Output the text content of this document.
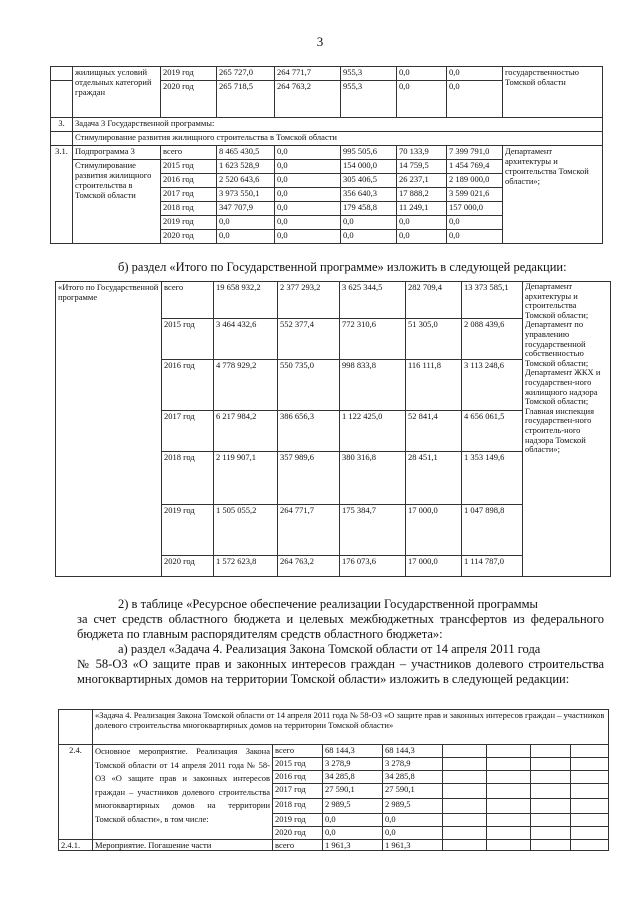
3
	жилищных условий отдельных категорий граждан	2019 год	265 727,0	264 771,7	955,3	0,0	0,0	государственностью Томской областн
		2020 год	265 718,5	264 763,2	955,3	0,0	0,0	
3.	Задача 3 Государственной программы:							
	Стимулирование развития жилищного строительства в Томской области							
3.1.	Подпрограмма 3	всего	8 465 430,5	0,0	995 505,6	70 133,9	7 399 791,0	Департамент архитектуры и строительства Томской области»;
	Стимулирование развития жилищного строительства в Томской области	2015 год	1 623 528,9	0,0	154 000,0	14 759,5	1 454 769,4	
		2016 год	2 520 643,6	0,0	305 406,5	26 237,1	2 189 000,0	
		2017 год	3 973 550,1	0,0	356 640,3	17 888,2	3 599 021,6	
		2018 год	347 707,9	0,0	179 458,8	11 249,1	157 000,0	
		2019 год	0,0	0,0	0,0	0,0	0,0	
		2020 год	0,0	0,0	0,0	0,0	0,0	
б) раздел «Итого по Государственной программе» изложить в следующей редакции:
«Итого по Государственной программе	всего	19 658 932,2	2 377 293,2	3 625 344,5	282 709,4	13 373 585,1	Департамент архитектуры и строительства Томской области; Департамент по управлению государственной собственностью Томской области; Департамент ЖКХ и государствен-ного жилищного надзора Томской области; Главная инспекция государствен-ного строитель-ного надзора Томской области»;
	2015 год	3 464 432,6	552 377,4	772 310,6	51 305,0	2 088 439,6	
	2016 год	4 778 929,2	550 735,0	998 833,8	116 111,8	3 113 248,6	
	2017 год	6 217 984,2	386 656,3	1 122 425,0	52 841,4	4 656 061,5	
	2018 год	2 119 907,1	357 989,6	380 316,8	28 451,1	1 353 149,6	
	2019 год	1 505 055,2	264 771,7	175 384,7	17 000,0	1 047 898,8	
	2020 год	1 572 623,8	264 763,2	176 073,6	17 000,0	1 114 787,0	
2) в таблице «Ресурсное обеспечение реализации Государственной программы
за счет средств областного бюджета и целевых межбюджетных трансфертов из федерального бюджета по главным распорядителям средств областного бюджета»:
а) раздел «Задача 4. Реализация Закона Томской области от 14 апреля 2011 года
№ 58-ОЗ «О защите прав и законных интересов граждан – участников долевого строительства многоквартирных домов на территории Томской области» изложить в следующей редакции:
	«Задача 4. Реализация Закона Томской области от 14 апреля 2011 года № 58-ОЗ «О защите прав и законных интересов граждан – участников долевого строительства многоквартирных домов на территории Томской области»							
2.4.	Основное мероприятие. Реализация Закона Томской области от 14 апреля 2011 года № 58-ОЗ «О защите прав и законных интересов граждан – участников долевого строительства многоквартирных домов на территории Томской области», в том числе:	всего	68 144,3	68 144,3				
		2015 год	3 278,9	3 278,9				
		2016 год	34 285,8	34 285,8				
		2017 год	27 590,1	27 590,1				
		2018 год	2 989,5	2 989,5				
		2019 год	0,0	0,0				
		2020 год	0,0	0,0				
2.4.1.	Мероприятие. Погашение части	всего	1 961,3	1 961,3				
